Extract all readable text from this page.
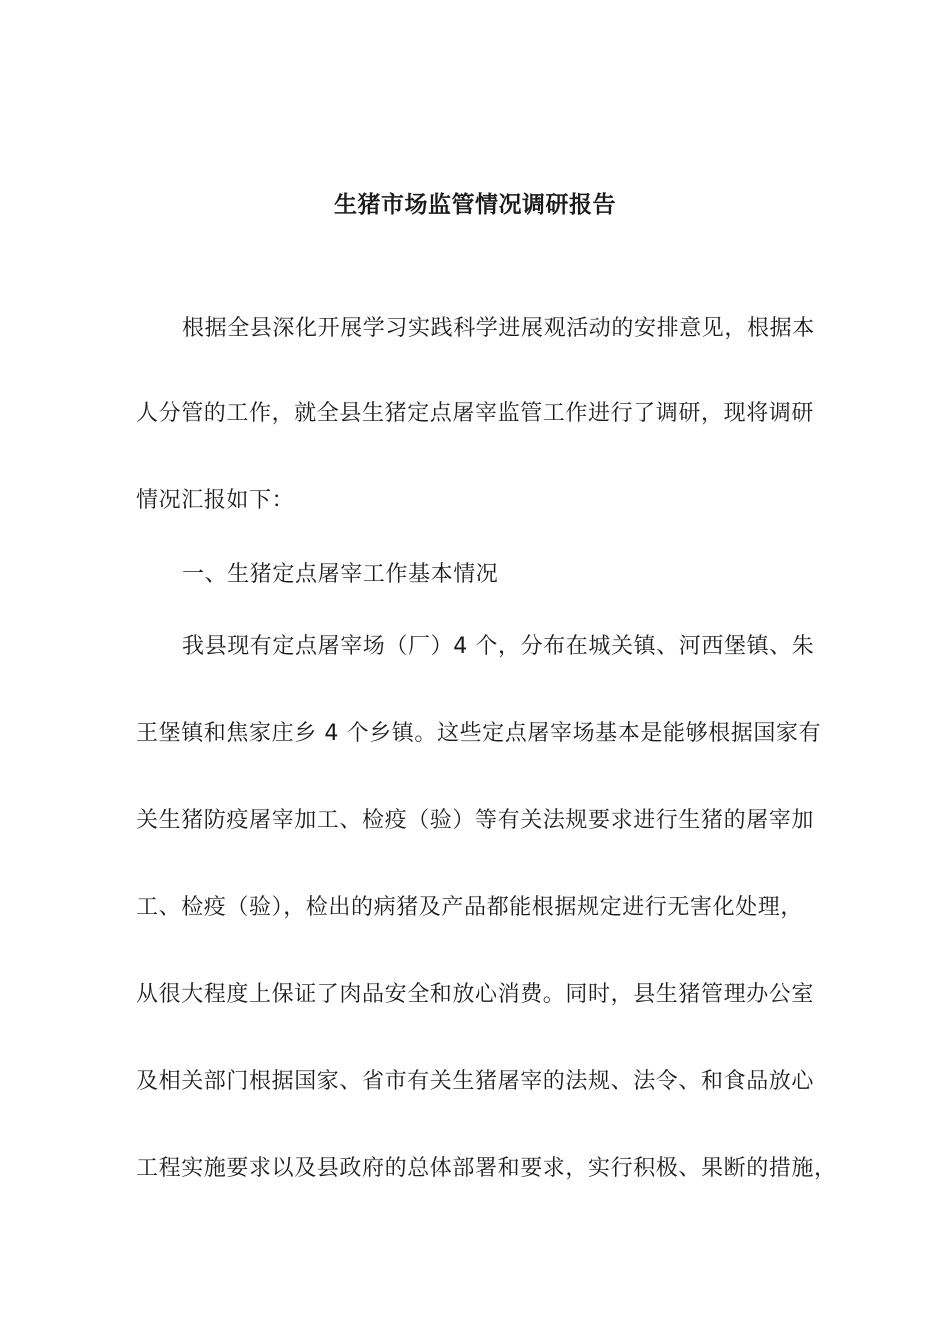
生猪市场监管情况调研报告
根据全县深化开展学习实践科学进展观活动的安排意见，根据本
人分管的工作，就全县生猪定点屠宰监管工作进行了调研，现将调研
情况汇报如下：
一、生猪定点屠宰工作基本情况
我县现有定点屠宰场（厂）4 个，分布在城关镇、河西堡镇、朱
王堡镇和焦家庄乡 4 个乡镇。这些定点屠宰场基本是能够根据国家有
关生猪防疫屠宰加工、检疫（验）等有关法规要求进行生猪的屠宰加
工、检疫（验），检出的病猪及产品都能根据规定进行无害化处理，
从很大程度上保证了肉品安全和放心消费。同时，县生猪管理办公室
及相关部门根据国家、省市有关生猪屠宰的法规、法令、和食品放心
工程实施要求以及县政府的总体部署和要求，实行积极、果断的措施，
